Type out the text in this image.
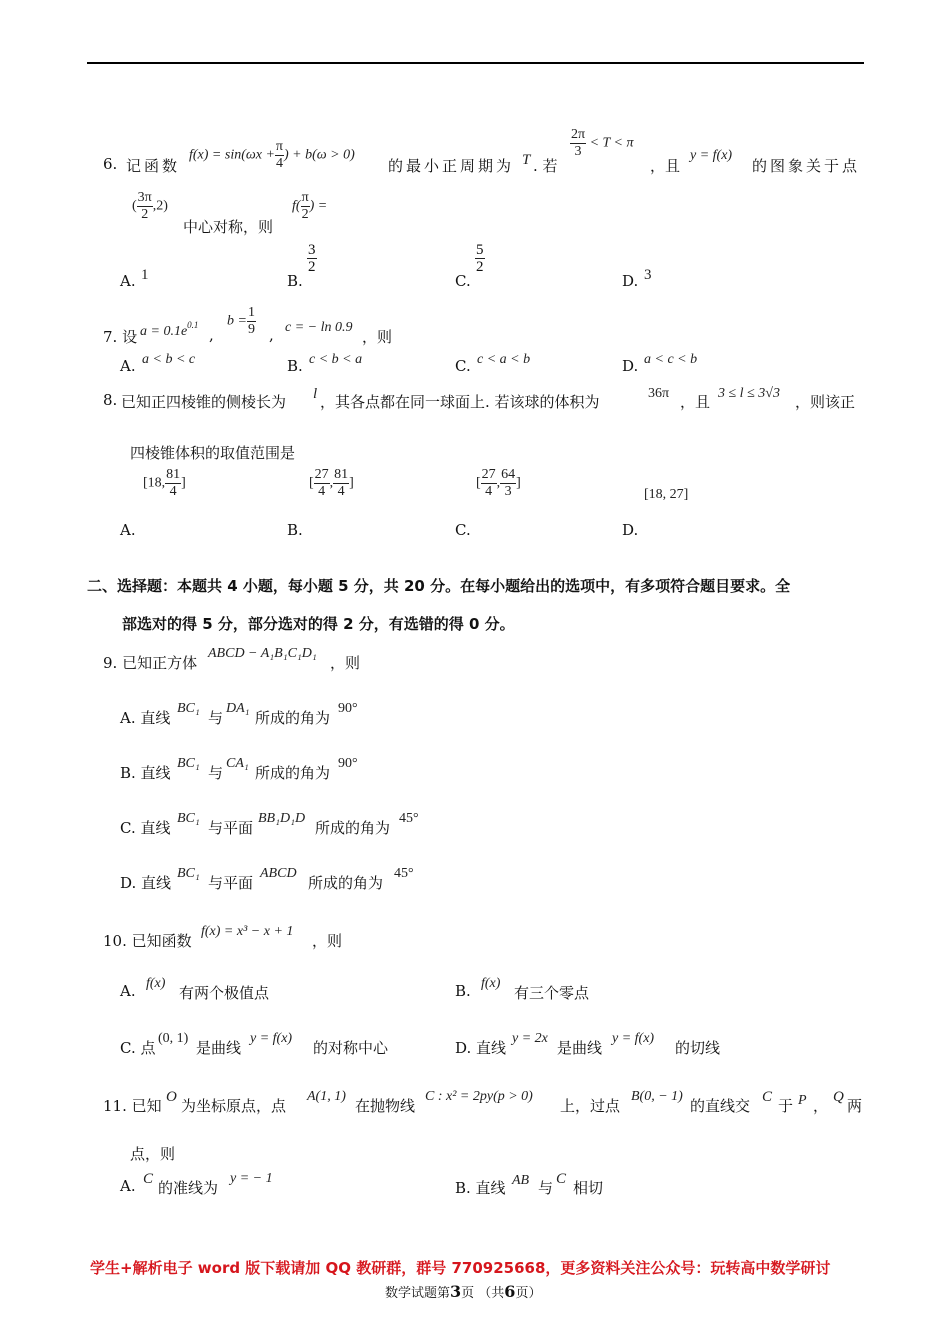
6. 记函数
$f(x) = \sin(\omega x + \frac{\pi}{4}$ ) + b(ω > 0)
的最小正周期为 T . 若
$\frac{2\pi}{3} < T < \pi$
，且
y = f(x)
的图象关于点
( $\frac{3\pi}{2} ,2$)
中心对称，则
$f( \frac{\pi}{2}$ ) =
A. 1	B.
$\frac{3}{2}$
C.
$\frac{5}{2}$
D. 3
7. 设 $a = 0.1e^{0.1}$
,
$b = \frac{1}{9}$ , c = − ln 0.9
，则
A. a < b < c	B. c < b < a	C. c < a < b	D. a < c < b
8. 已知正四棱锥的侧棱长为 l ，其各点都在同一球面上. 若该球的体积为	36π ，且 3 ≤ l ≤ 3√3 ，则该正
四棱锥体积的取值范围是
[18, $\frac{81}{4}$ ]	[ $\frac{27}{4}$ , $\frac{81}{4}$ ]	[ $\frac{27}{4}$ , $\frac{64}{3}$ ]
[18, 27]
A.	B.	C.	D.
二、选择题：本题共 4 小题，每小题 5 分，共 20 分。在每小题给出的选项中，有多项符合题目要求。全
部选对的得 5 分，部分选对的得 2 分，有选错的得 0 分。
9. 已知正方体
ABCD − A₁B₁C₁D₁
，则
A. 直线
BC₁
与
DA₁
所成的角为
90°
B. 直线
BC₁
与
CA₁
所成的角为
90°
C. 直线
BC₁
与平面
BB₁D₁D
所成的角为
45°
D. 直线
BC₁
与平面
ABCD
所成的角为
45°
10. 已知函数
f(x) = x³ − x + 1
，则
A. f(x)
有两个极值点	B. f(x)
有三个零点
C. 点
(0, 1)
是曲线
y = f(x)
的对称中心	D. 直线
y = 2x
是曲线
y = f(x)
的切线
11. 已知 O 为坐标原点，点
A(1, 1)
在抛物线
C : x² = 2py(p > 0)
上，过点
B(0, − 1)
的直线交 C 于 P ， Q 两
点，则
A. C 的准线为
y = − 1
B. 直线 AB 与 C 相切
学生+解析电子 word 版下载请加 QQ 教研群，群号 770925668，更多资料关注公众号：玩转高中数学研讨
数学试题第3页 （共6页）
